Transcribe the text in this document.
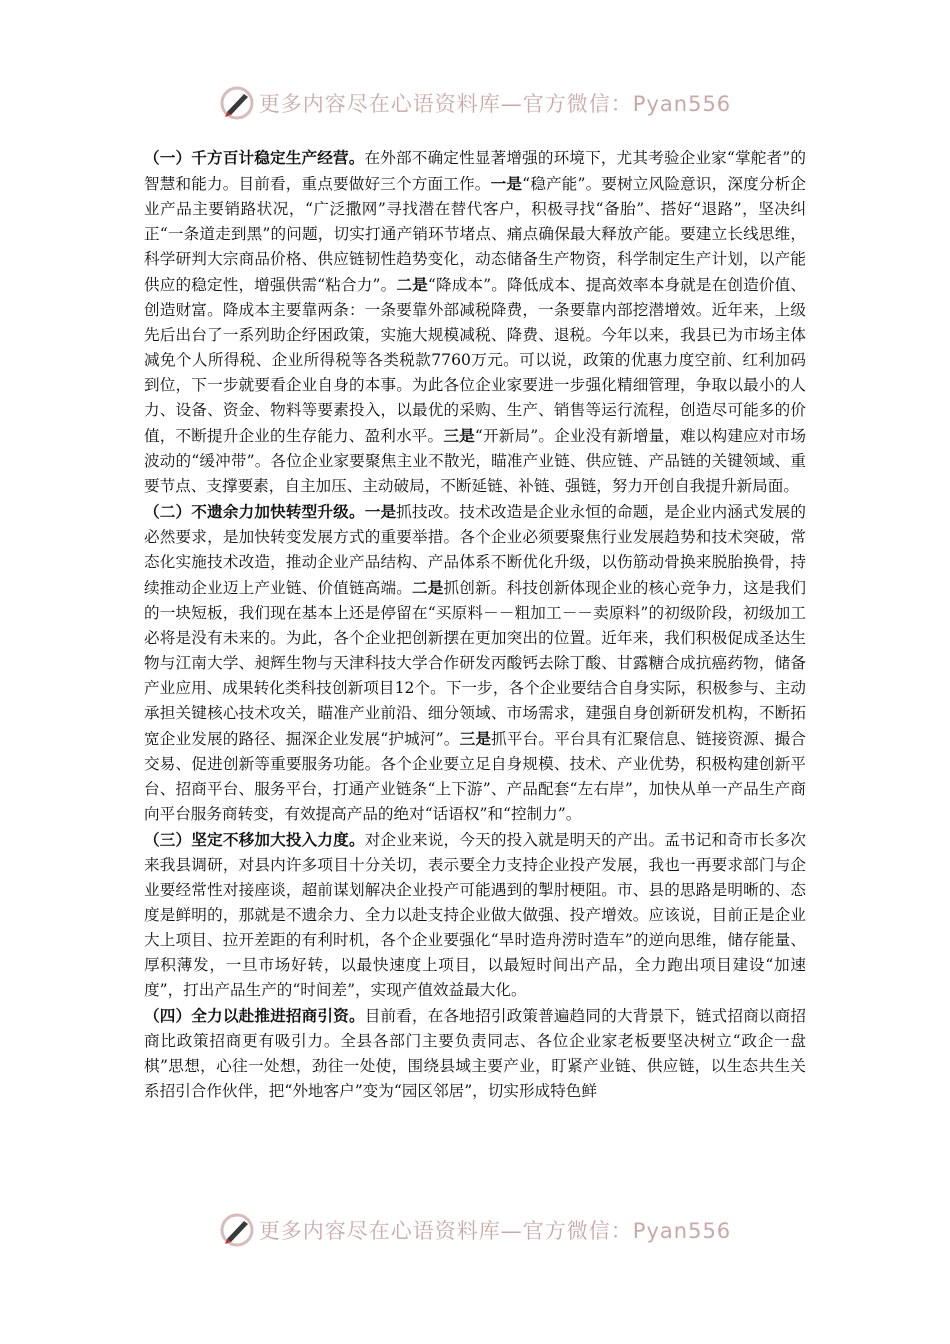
更多内容尽在心语资料库—官方微信：Pyan556

（一）千方百计稳定生产经营。在外部不确定性显著增强的环境下，尤其考验企业家“掌舵者”的智慧和能力。目前看，重点要做好三个方面工作。一是“稳产能”。要树立风险意识，深度分析企业产品主要销路状况，“广泛撒网”寻找潜在替代客户，积极寻找“备胎”、搭好“退路”，坚决纠正“一条道走到黑”的问题，切实打通产销环节堵点、痛点确保最大释放产能。要建立长线思维，科学研判大宗商品价格、供应链韧性趋势变化，动态储备生产物资，科学制定生产计划，以产能供应的稳定性，增强供需“粘合力”。二是“降成本”。降低成本、提高效率本身就是在创造价值、创造财富。降成本主要靠两条：一条要靠外部减税降费，一条要靠内部挖潜增效。近年来，上级先后出台了一系列助企纾困政策，实施大规模减税、降费、退税。今年以来，我县已为市场主体减免个人所得税、企业所得税等各类税款7760万元。可以说，政策的优惠力度空前、红利加码到位，下一步就要看企业自身的本事。为此各位企业家要进一步强化精细管理，争取以最小的人力、设备、资金、物料等要素投入，以最优的采购、生产、销售等运行流程，创造尽可能多的价值，不断提升企业的生存能力、盈利水平。三是“开新局”。企业没有新增量，难以构建应对市场波动的“缓冲带”。各位企业家要聚焦主业不散光，瞄准产业链、供应链、产品链的关键领域、重要节点、支撑要素，自主加压、主动破局，不断延链、补链、强链，努力开创自我提升新局面。

（二）不遗余力加快转型升级。一是抓技改。技术改造是企业永恒的命题，是企业内涵式发展的必然要求，是加快转变发展方式的重要举措。各个企业必须要聚焦行业发展趋势和技术突破，常态化实施技术改造，推动企业产品结构、产品体系不断优化升级，以伤筋动骨换来脱胎换骨，持续推动企业迈上产业链、价值链高端。二是抓创新。科技创新体现企业的核心竞争力，这是我们的一块短板，我们现在基本上还是停留在“买原料－－粗加工－－卖原料”的初级阶段，初级加工必将是没有未来的。为此，各个企业把创新摆在更加突出的位置。近年来，我们积极促成圣达生物与江南大学、昶辉生物与天津科技大学合作研发丙酸钙去除丁酸、甘露糖合成抗癌药物，储备产业应用、成果转化类科技创新项目12个。下一步，各个企业要结合自身实际，积极参与、主动承担关键核心技术攻关，瞄准产业前沿、细分领域、市场需求，建强自身创新研发机构，不断拓宽企业发展的路径、掘深企业发展“护城河”。三是抓平台。平台具有汇聚信息、链接资源、撮合交易、促进创新等重要服务功能。各个企业要立足自身规模、技术、产业优势，积极构建创新平台、招商平台、服务平台，打通产业链条“上下游”、产品配套“左右岸”，加快从单一产品生产商向平台服务商转变，有效提高产品的绝对“话语权”和“控制力”。

（三）坚定不移加大投入力度。对企业来说，今天的投入就是明天的产出。孟书记和奇市长多次来我县调研，对县内许多项目十分关切，表示要全力支持企业投产发展，我也一再要求部门与企业要经常性对接座谈，超前谋划解决企业投产可能遇到的掣肘梗阻。市、县的思路是明晰的、态度是鲜明的，那就是不遗余力、全力以赴支持企业做大做强、投产增效。应该说，目前正是企业大上项目、拉开差距的有利时机，各个企业要强化“旱时造舟涝时造车”的逆向思维，储存能量、厚积薄发，一旦市场好转，以最快速度上项目，以最短时间出产品，全力跑出项目建设“加速度”，打出产品生产的“时间差”，实现产值效益最大化。

（四）全力以赴推进招商引资。目前看，在各地招引政策普遍趋同的大背景下，链式招商以商招商比政策招商更有吸引力。全县各部门主要负责同志、各位企业家老板要坚决树立“政企一盘棋”思想，心往一处想，劲往一处使，围绕县域主要产业，盯紧产业链、供应链，以生态共生关系招引合作伙伴，把“外地客户”变为“园区邻居”，切实形成特色鲜

更多内容尽在心语资料库—官方微信：Pyan556
